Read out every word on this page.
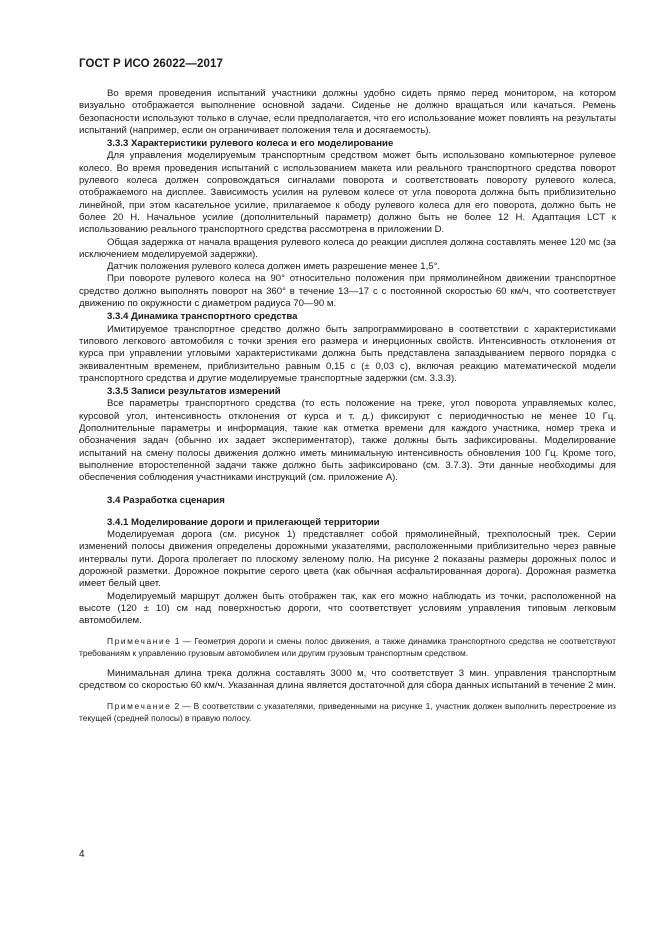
ГОСТ Р ИСО 26022—2017

Во время проведения испытаний участники должны удобно сидеть прямо перед монитором, на котором визуально отображается выполнение основной задачи. Сиденье не должно вращаться или качаться. Ремень безопасности используют только в случае, если предполагается, что его использование может повлиять на результаты испытаний (например, если он ограничивает положения тела и досягаемость).

3.3.3 Характеристики рулевого колеса и его моделирование

Для управления моделируемым транспортным средством может быть использовано компьютерное рулевое колесо. Во время проведения испытаний с использованием макета или реального транспортного средства поворот рулевого колеса должен сопровождаться сигналами поворота и соответствовать повороту рулевого колеса, отображаемого на дисплее. Зависимость усилия на рулевом колесе от угла поворота должна быть приблизительно линейной, при этом касательное усилие, прилагаемое к ободу рулевого колеса для его поворота, должно быть не более 20 Н. Начальное усилие (дополнительный параметр) должно быть не более 12 Н. Адаптация LCT к использованию реального транспортного средства рассмотрена в приложении D.

Общая задержка от начала вращения рулевого колеса до реакции дисплея должна составлять менее 120 мс (за исключением моделируемой задержки).

Датчик положения рулевого колеса должен иметь разрешение менее 1,5°.

При повороте рулевого колеса на 90° относительно положения при прямолинейном движении транспортное средство должно выполнять поворот на 360° в течение 13—17 с с постоянной скоростью 60 км/ч, что соответствует движению по окружности с диаметром радиуса 70—90 м.

3.3.4 Динамика транспортного средства

Имитируемое транспортное средство должно быть запрограммировано в соответствии с характеристиками типового легкового автомобиля с точки зрения его размера и инерционных свойств. Интенсивность отклонения от курса при управлении угловыми характеристиками должна быть представлена запаздыванием первого порядка с эквивалентным временем, приблизительно равным 0,15 с (± 0,03 с), включая реакцию математической модели транспортного средства и другие моделируемые транспортные задержки (см. 3.3.3).

3.3.5 Записи результатов измерений

Все параметры транспортного средства (то есть положение на треке, угол поворота управляемых колес, курсовой угол, интенсивность отклонения от курса и т. д.) фиксируют с периодичностью не менее 10 Гц. Дополнительные параметры и информация, такие как отметка времени для каждого участника, номер трека и обозначения задач (обычно их задает экспериментатор), также должны быть зафиксированы. Моделирование испытаний на смену полосы движения должно иметь минимальную интенсивность обновления 100 Гц. Кроме того, выполнение второстепенной задачи также должно быть зафиксировано (см. 3.7.3). Эти данные необходимы для обеспечения соблюдения участниками инструкций (см. приложение А).

3.4 Разработка сценария

3.4.1 Моделирование дороги и прилегающей территории

Моделируемая дорога (см. рисунок 1) представляет собой прямолинейный, трехполосный трек. Серии изменений полосы движения определены дорожными указателями, расположенными приблизительно через равные интервалы пути. Дорога пролегает по плоскому зеленому полю. На рисунке 2 показаны размеры дорожных полос и дорожной разметки. Дорожное покрытие серого цвета (как обычная асфальтированная дорога). Дорожная разметка имеет белый цвет.

Моделируемый маршрут должен быть отображен так, как его можно наблюдать из точки, расположенной на высоте (120 ± 10) см над поверхностью дороги, что соответствует условиям управления типовым легковым автомобилем.

Примечание 1 — Геометрия дороги и смены полос движения, а также динамика транспортного средства не соответствуют требованиям к управлению грузовым автомобилем или другим грузовым транспортным средством.

Минимальная длина трека должна составлять 3000 м, что соответствует 3 мин. управления транспортным средством со скоростью 60 км/ч. Указанная длина является достаточной для сбора данных испытаний в течение 2 мин.

Примечание 2 — В соответствии с указателями, приведенными на рисунке 1, участник должен выполнить перестроение из текущей (средней полосы) в правую полосу.

4
